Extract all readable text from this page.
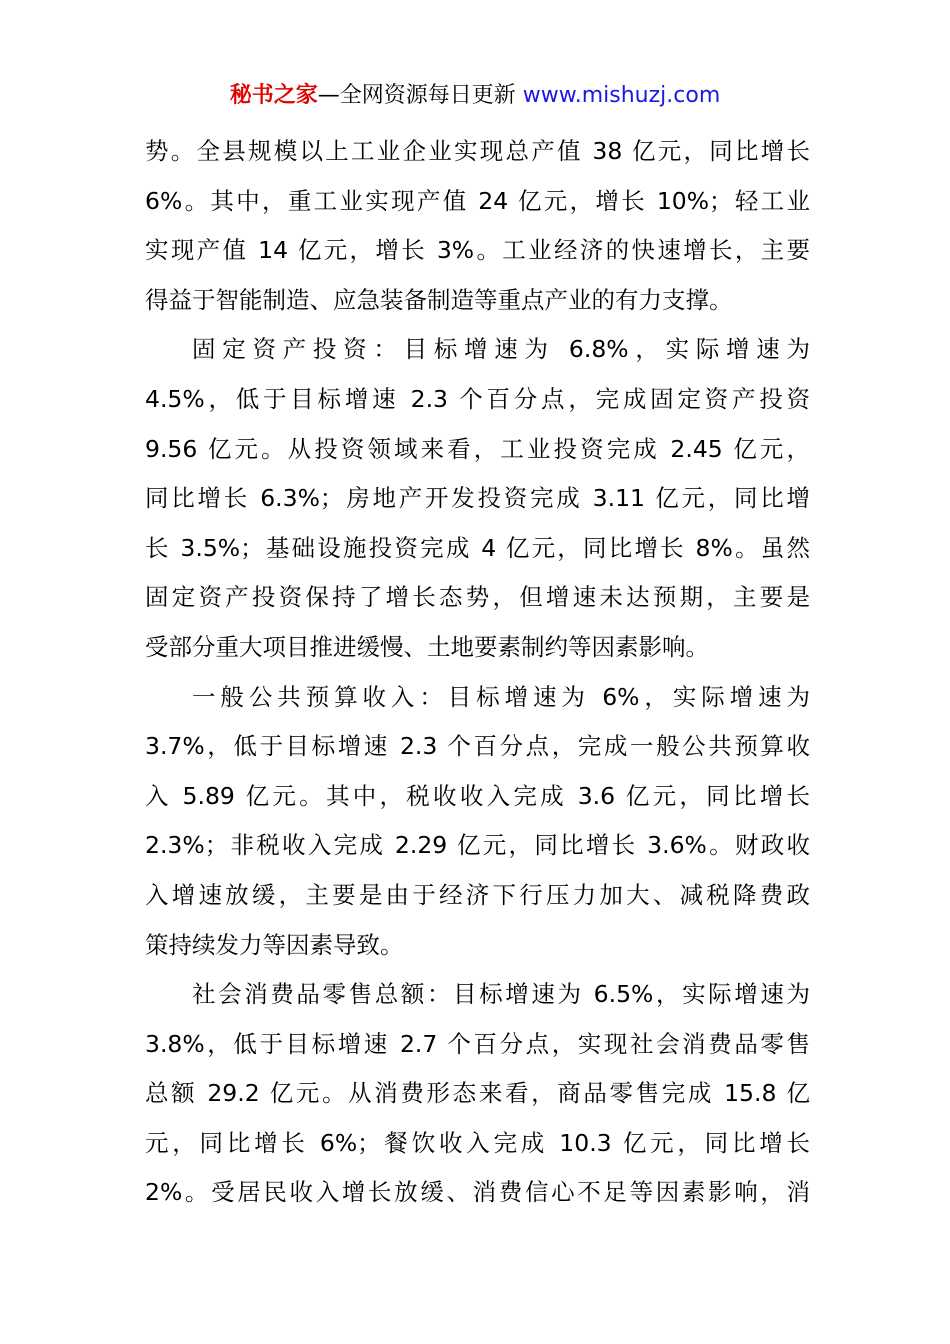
秘书之家—全网资源每日更新 www.mishuzj.com
势。全县规模以上工业企业实现总产值 38 亿元，同比增长
6%。其中，重工业实现产值 24 亿元，增长 10%；轻工业
实现产值 14 亿元，增长 3%。工业经济的快速增长，主要
得益于智能制造、应急装备制造等重点产业的有力支撑。
固定资产投资：目标增速为 6.8%，实际增速为
4.5%，低于目标增速 2.3 个百分点，完成固定资产投资
9.56 亿元。从投资领域来看，工业投资完成 2.45 亿元，
同比增长 6.3%；房地产开发投资完成 3.11 亿元，同比增
长 3.5%；基础设施投资完成 4 亿元，同比增长 8%。虽然
固定资产投资保持了增长态势，但增速未达预期，主要是
受部分重大项目推进缓慢、土地要素制约等因素影响。
一般公共预算收入：目标增速为 6%，实际增速为
3.7%，低于目标增速 2.3 个百分点，完成一般公共预算收
入 5.89 亿元。其中，税收收入完成 3.6 亿元，同比增长
2.3%；非税收入完成 2.29 亿元，同比增长 3.6%。财政收
入增速放缓，主要是由于经济下行压力加大、减税降费政
策持续发力等因素导致。
社会消费品零售总额：目标增速为 6.5%，实际增速为
3.8%，低于目标增速 2.7 个百分点，实现社会消费品零售
总额 29.2 亿元。从消费形态来看，商品零售完成 15.8 亿
元，同比增长 6%；餐饮收入完成 10.3 亿元，同比增长
2%。受居民收入增长放缓、消费信心不足等因素影响，消
